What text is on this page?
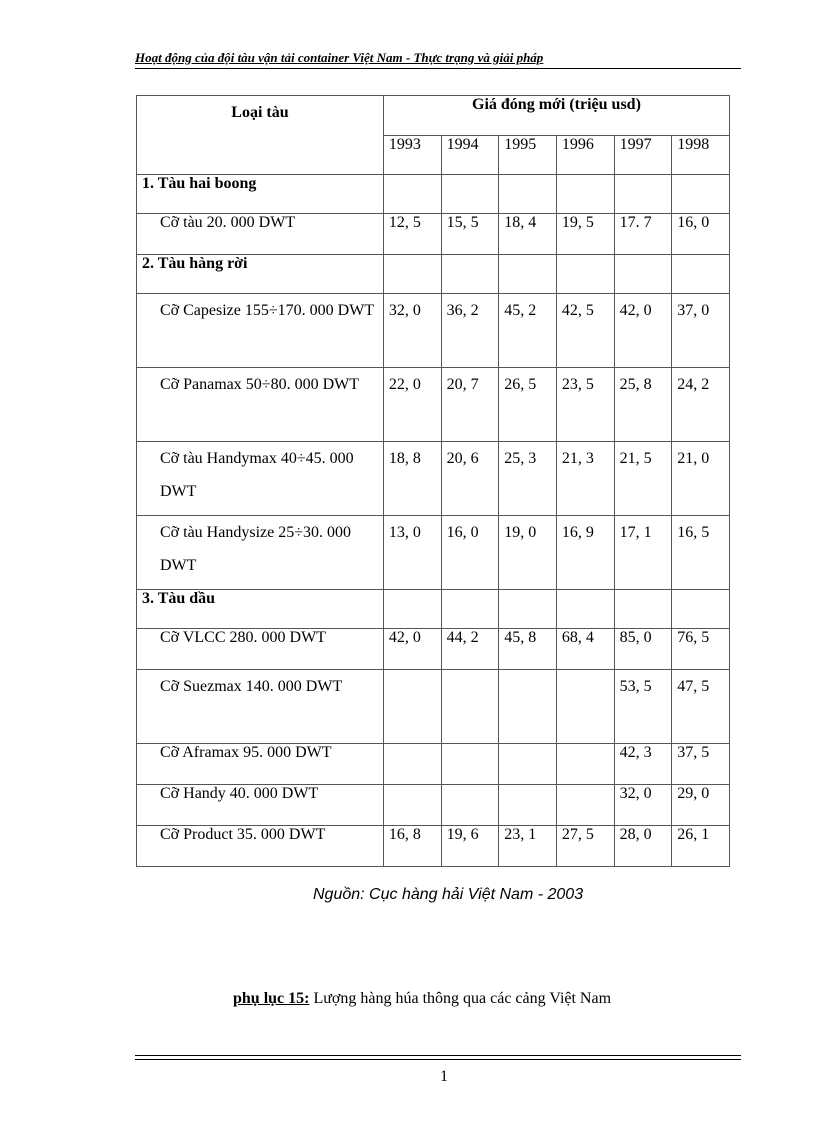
Hoạt động của đội tàu vận tải container Việt Nam - Thực trạng và giải pháp
Loại tàu	Giá đóng mới (triệu usd)					
	1993	1994	1995	1996	1997	1998
1. Tàu hai boong						
Cỡ tàu 20. 000 DWT	12, 5	15, 5	18, 4	19, 5	17. 7	16, 0
2. Tàu hàng rời						
Cỡ Capesize 155÷170. 000 DWT	32, 0	36, 2	45, 2	42, 5	42, 0	37, 0
Cỡ Panamax 50÷80. 000 DWT	22, 0	20, 7	26, 5	23, 5	25, 8	24, 2
Cỡ tàu Handymax 40÷45. 000 DWT	18, 8	20, 6	25, 3	21, 3	21, 5	21, 0
Cỡ tàu Handysize 25÷30. 000 DWT	13, 0	16, 0	19, 0	16, 9	17, 1	16, 5
3. Tàu dầu						
Cỡ VLCC 280. 000 DWT	42, 0	44, 2	45, 8	68, 4	85, 0	76, 5
Cỡ Suezmax 140. 000 DWT					53, 5	47, 5
Cỡ Aframax 95. 000 DWT					42, 3	37, 5
Cỡ Handy 40. 000 DWT					32, 0	29, 0
Cỡ Product 35. 000 DWT	16, 8	19, 6	23, 1	27, 5	28, 0	26, 1
Nguồn: Cục hàng hải Việt Nam - 2003
phụ lục 15: Lượng hàng húa thông qua các cảng Việt Nam
1
